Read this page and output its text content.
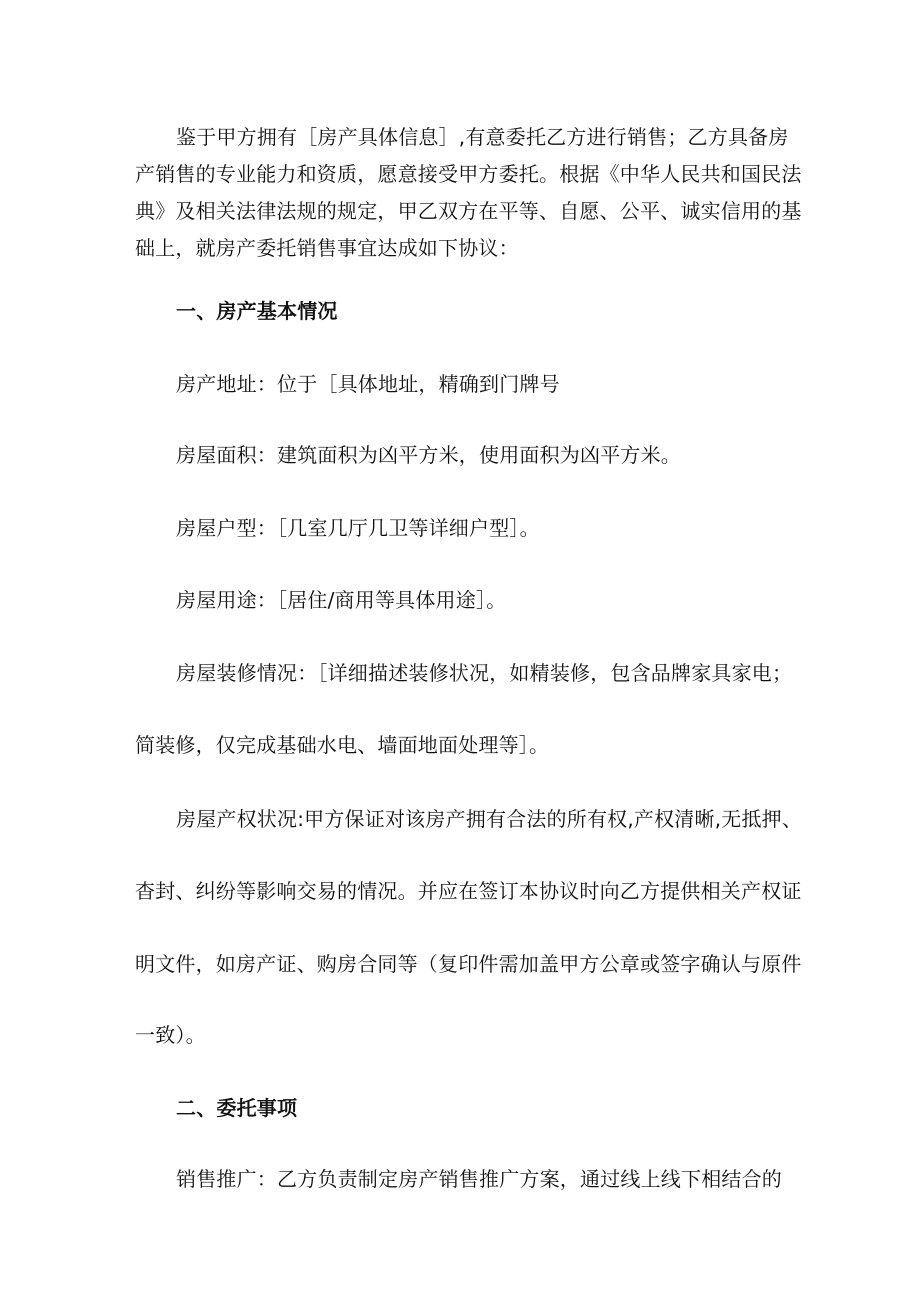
鉴于甲方拥有［房产具体信息］,有意委托乙方进行销售；乙方具备房
产销售的专业能力和资质，愿意接受甲方委托。根据《中华人民共和国民法
典》及相关法律法规的规定，甲乙双方在平等、自愿、公平、诚实信用的基
础上，就房产委托销售事宜达成如下协议：
一、房产基本情况
房产地址：位于［具体地址，精确到门牌号
房屋面积：建筑面积为凶平方米，使用面积为凶平方米。
房屋户型：［几室几厅几卫等详细户型］。
房屋用途：［居住/商用等具体用途］。
房屋装修情况：［详细描述装修状况，如精装修，包含品牌家具家电；
简装修，仅完成基础水电、墙面地面处理等］。
房屋产权状况:甲方保证对该房产拥有合法的所有权,产权清晰,无抵押、
杳封、纠纷等影响交易的情况。并应在签订本协议时向乙方提供相关产权证
明文件，如房产证、购房合同等（复印件需加盖甲方公章或签字确认与原件
一致）。
二、委托事项
销售推广：乙方负责制定房产销售推广方案，通过线上线下相结合的
